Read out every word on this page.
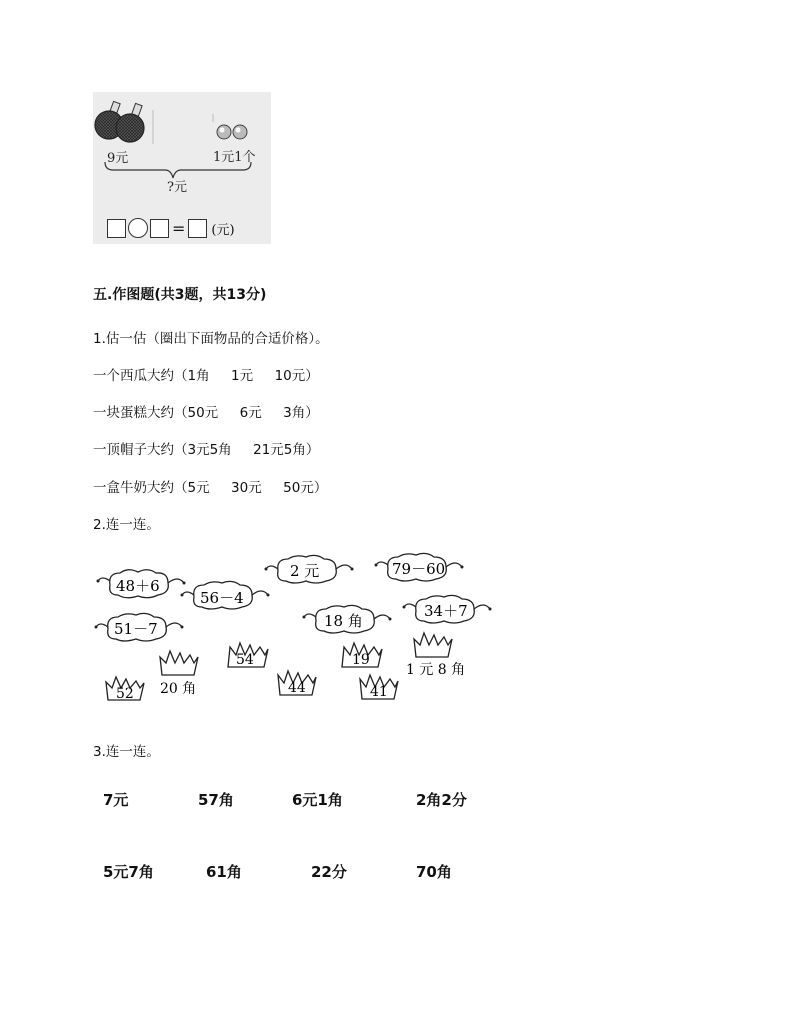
9元	1元1个
?元
= (元)
五.作图题(共3题，共13分)
1.估一估（圈出下面物品的合适价格）。
一个西瓜大约（1角     1元     10元）
一块蛋糕大约（50元     6元     3角）
一顶帽子大约（3元5角     21元5角）
一盒牛奶大约（5元     30元     50元）
2.连一连。
48＋6
56－4
2 元	79－60
51－7	18 角
34＋7
54	19
52	44	41
20 角
1 元 8 角
3.连一连。
7元	57角	6元1角	2角2分
5元7角	61角	22分	70角
